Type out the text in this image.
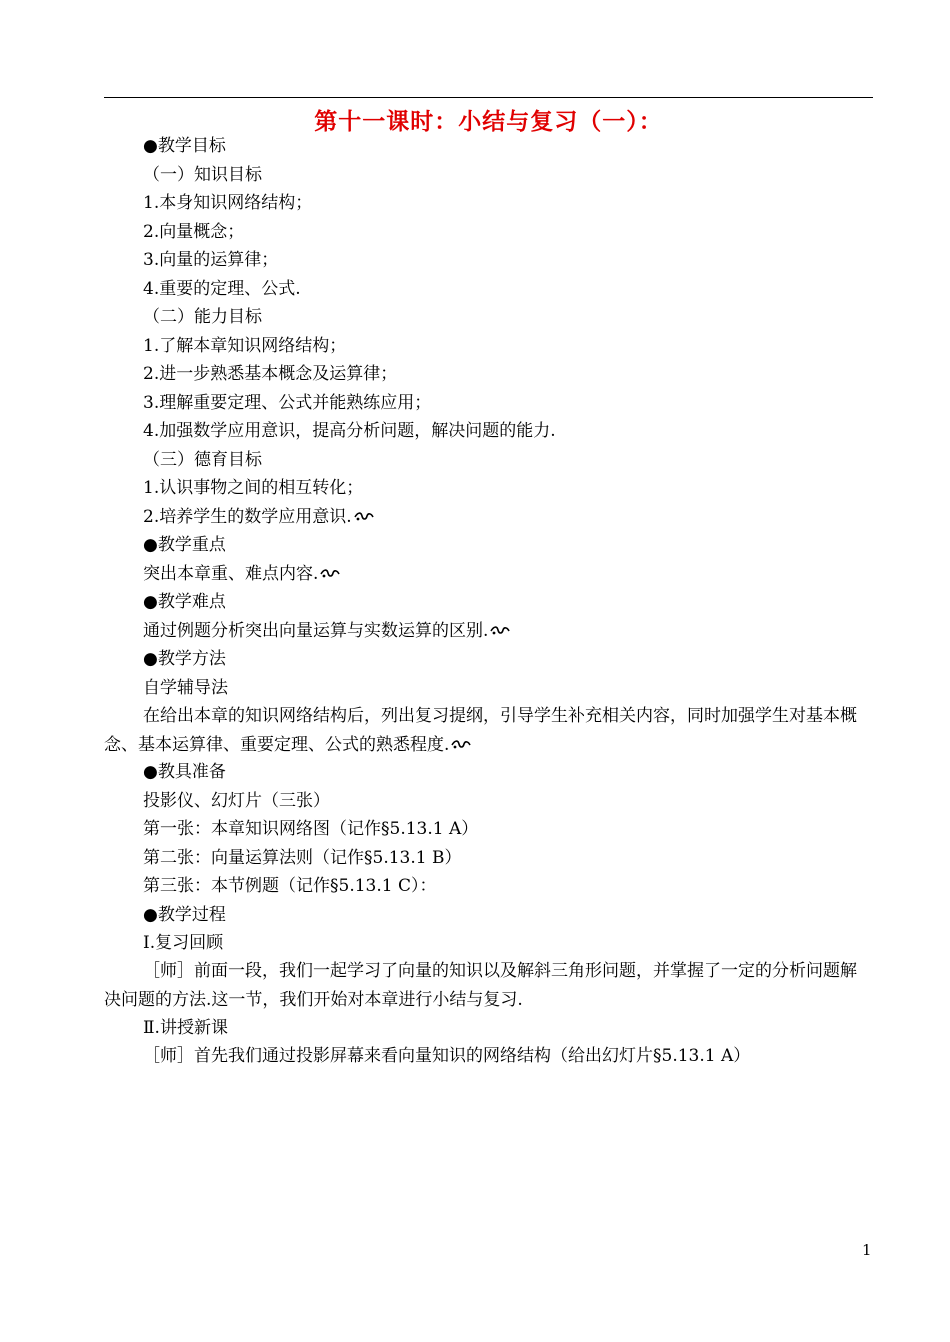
第十一课时：小结与复习（一）：
●教学目标
（一）知识目标
1.本身知识网络结构；
2.向量概念；
3.向量的运算律；
4.重要的定理、公式.
（二）能力目标
1.了解本章知识网络结构；
2.进一步熟悉基本概念及运算律；
3.理解重要定理、公式并能熟练应用；
4.加强数学应用意识，提高分析问题，解决问题的能力.
（三）德育目标
1.认识事物之间的相互转化；
2.培养学生的数学应用意识.
●教学重点
突出本章重、难点内容.
●教学难点
通过例题分析突出向量运算与实数运算的区别.
●教学方法
自学辅导法
在给出本章的知识网络结构后，列出复习提纲，引导学生补充相关内容，同时加强学生对基本概念、基本运算律、重要定理、公式的熟悉程度.
●教具准备
投影仪、幻灯片（三张）
第一张：本章知识网络图（记作§5.13.1 A）
第二张：向量运算法则（记作§5.13.1 B）
第三张：本节例题（记作§5.13.1 C）：
●教学过程
Ⅰ.复习回顾
［师］前面一段，我们一起学习了向量的知识以及解斜三角形问题，并掌握了一定的分析问题解决问题的方法.这一节，我们开始对本章进行小结与复习.
Ⅱ.讲授新课
［师］首先我们通过投影屏幕来看向量知识的网络结构（给出幻灯片§5.13.1 A）
1
